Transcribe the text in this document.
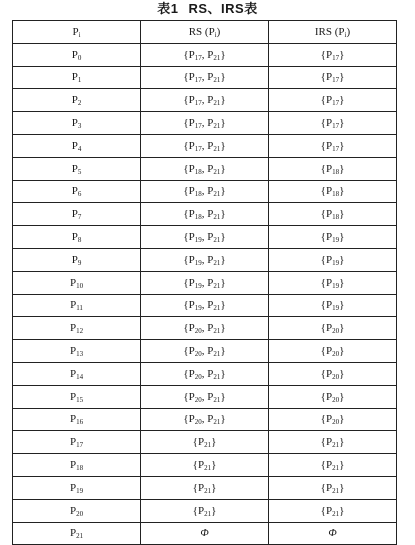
表1 RS、IRS表
$P_i$	RS $(P_i)$	IRS $(P_i)$
$P_0$	{$P_{17}$, $P_{21}$}	$\{P_{17}\}$
$P_1$	{$P_{17}$, $P_{21}$}	$\{P_{17}\}$
$P_2$	{$P_{17}$, $P_{21}$}	$\{P_{17}\}$
$P_3$	{$P_{17}$, $P_{21}$}	$\{P_{17}\}$
$P_4$	{$P_{17}$, $P_{21}$}	$\{P_{17}\}$
$P_5$	{$P_{18}$, $P_{21}$}	$\{P_{18}\}$
$P_6$	{$P_{18}$, $P_{21}$}	$\{P_{18}\}$
$P_7$	{$P_{18}$, $P_{21}$}	$\{P_{18}\}$
$P_8$	{$P_{19}$, $P_{21}$}	$\{P_{19}\}$
$P_9$	{$P_{19}$, $P_{21}$}	$\{P_{19}\}$
$P_{10}$	{$P_{19}$, $P_{21}$}	$\{P_{19}\}$
$P_{11}$	{$P_{19}$, $P_{21}$}	$\{P_{19}\}$
$P_{12}$	{$P_{20}$, $P_{21}$}	$\{P_{20}\}$
$P_{13}$	{$P_{20}$, $P_{21}$}	$\{P_{20}\}$
$P_{14}$	{$P_{20}$, $P_{21}$}	$\{P_{20}\}$
$P_{15}$	{$P_{20}$, $P_{21}$}	$\{P_{20}\}$
$P_{16}$	{$P_{20}$, $P_{21}$}	$\{P_{20}\}$
$P_{17}$	$\{P_{21}\}$	$\{P_{21}\}$
$P_{18}$	$\{P_{21}\}$	$\{P_{21}\}$
$P_{19}$	$\{P_{21}\}$	$\{P_{21}\}$
$P_{20}$	$\{P_{21}\}$	$\{P_{21}\}$
$P_{21}$	Φ	Φ
